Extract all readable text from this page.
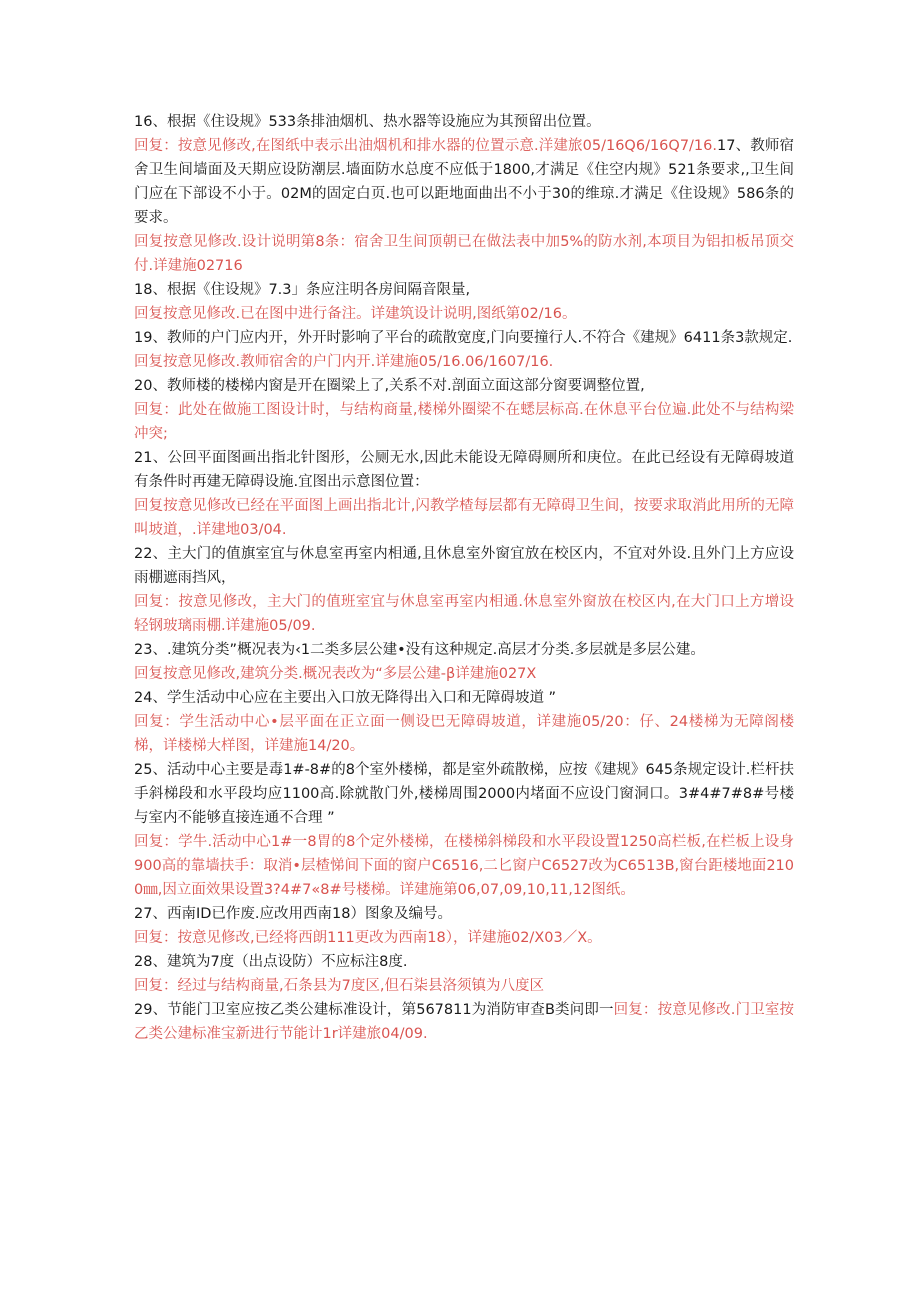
16、根据《住设规》533条排油烟机、热水器等设施应为其预留出位置。

回复：按意见修改,在图纸中表示出油烟机和排水器的位置示意.洋建旅05/16Q6/16Q7/16.17、教师宿舍卫生间墙面及天期应设防潮层.墙面防水总度不应低于1800,才满足《住空内规》521条要求,,卫生间门应在下部设不小于。02M的固定白页.也可以距地面曲出不小于30的维琼.才满足《住设规》586条的要求。

回复按意见修改.设计说明第8条：宿舍卫生间顶朝已在做法表中加5%的防水剂,本项目为铝扣板吊顶交付.详建施02716

18、根据《住设规》7.3」条应注明各房间隔音限量,

回复按意见修改.已在图中进行备注。详建筑设计说明,图纸第02/16。

19、教师的户门应内开，外开时影响了平台的疏散宽度,门向要撞行人.不符合《建规》6411条3款规定.

回复按意见修改.教师宿舍的户门内开.详建施05/16.06/1607/16.

20、教师楼的楼梯内窗是开在圈梁上了,关系不对.剖面立面这部分窗要调整位置,

回复：此处在做施工图设计时，与结构商量,楼梯外圈梁不在蟋层标高.在休息平台位遍.此处不与结构梁冲突;

21、公回平面图画出指北针图形，公厕无水,因此未能设无障碍厕所和庚位。在此已经设有无障碍坡道有条件时再建无障碍设施.宜图出示意图位置：

回复按意见修改已经在平面图上画出指北计,闪教学楂每层都有无障碍卫生间，按要求取消此用所的无障叫坡道，.详建地03/04.

22、主大门的值旗室宜与休息室再室内相通,且休息室外窗宜放在校区内，不宜对外设.且外门上方应设雨棚遮雨挡风，

回复：按意见修改，主大门的值班室宜与休息室再室内相通.休息室外窗放在校区内,在大门口上方增设轻钢玻璃雨棚.详建施05/09.

23、.建筑分类”概况表为‹1二类多层公建•没有这种规定.高层才分类.多层就是多层公建。

回复按意见修改,建筑分类.概况表改为“多层公建-β详建施027X

24、学生活动中心应在主要出入口放无降得出入口和无障碍坡道 ”

回复：学生活动中心•层平面在正立面一侧设巴无障碍坡道，详建施05/20：仔、24楼梯为无障阁楼梯，详楼梯大样图，详建施14/20。

25、活动中心主要是毒1#-8#的8个室外楼梯，都是室外疏散梯，应按《建规》645条规定设计.栏杆扶手斜梯段和水平段均应1100高.除就散门外,楼梯周围2000内堵面不应设门窗洞口。3#4#7#8#号楼与室内不能够直接连通不合理 ”

回复：学牛.活动中心1#一8胃的8个定外楼梯，在楼梯斜梯段和水平段设置1250高栏板,在栏板上设身900高的靠墙扶手：取消•层楂悌间下面的窗户C6516,二匕窗户C6527改为C6513B,窗台距楼地面2100㎜,因立面效果设置3?4#7«8#号楼梯。详建施第06,07,09,10,11,12图纸。

27、西南ID已作废.应改用西南18）图象及编号。

回复：按意见修改,已经将西朗111更改为西南18），详建施02/X03／X。

28、建筑为7度（出点设防）不应标注8度.

回复：经过与结构商量,石条县为7度区,但石柒县洛须镇为八度区

29、节能门卫室应按乙类公建标准设计，第567811为消防审查B类问即一回复：按意见修改.门卫室按乙类公建标准宝新进行节能计1r详建旅04/09.
